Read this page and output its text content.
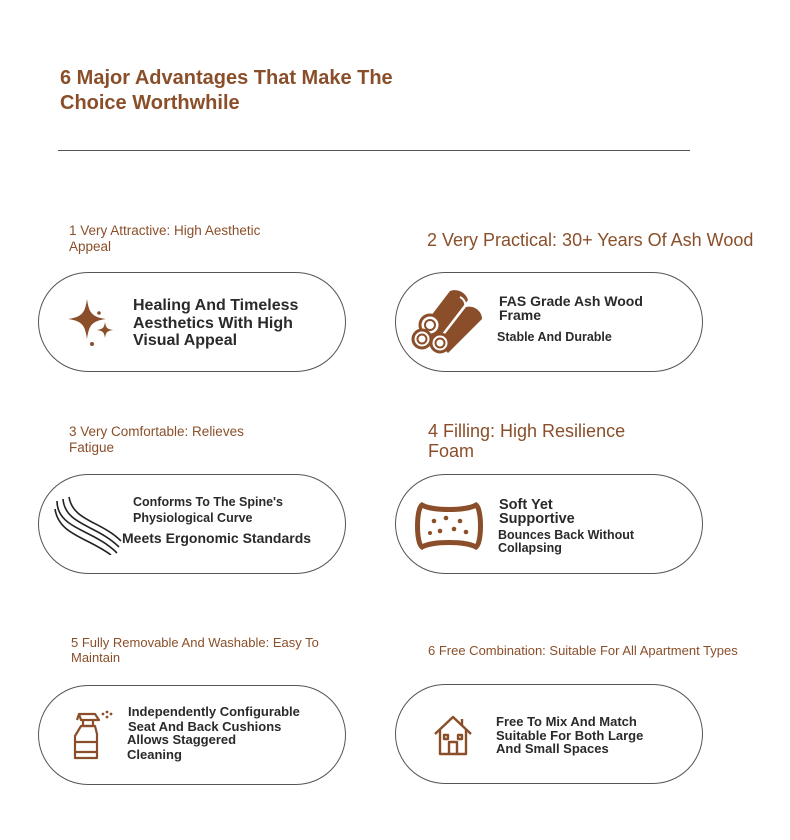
6 Major Advantages That Make The
Choice Worthwhile
1 Very Attractive: High Aesthetic
Appeal
Healing And Timeless
Aesthetics With High
Visual Appeal
2 Very Practical: 30+ Years Of Ash Wood
FAS Grade Ash Wood
Frame
Stable And Durable
3 Very Comfortable: Relieves
Fatigue
Conforms To The Spine's
Physiological Curve
Meets Ergonomic Standards
4 Filling: High Resilience
Foam
Soft Yet
Supportive
Bounces Back Without
Collapsing
5 Fully Removable And Washable: Easy To
Maintain
Independently Configurable
Seat And Back Cushions
Allows Staggered
Cleaning
6 Free Combination: Suitable For All Apartment Types
Free To Mix And Match
Suitable For Both Large
And Small Spaces
